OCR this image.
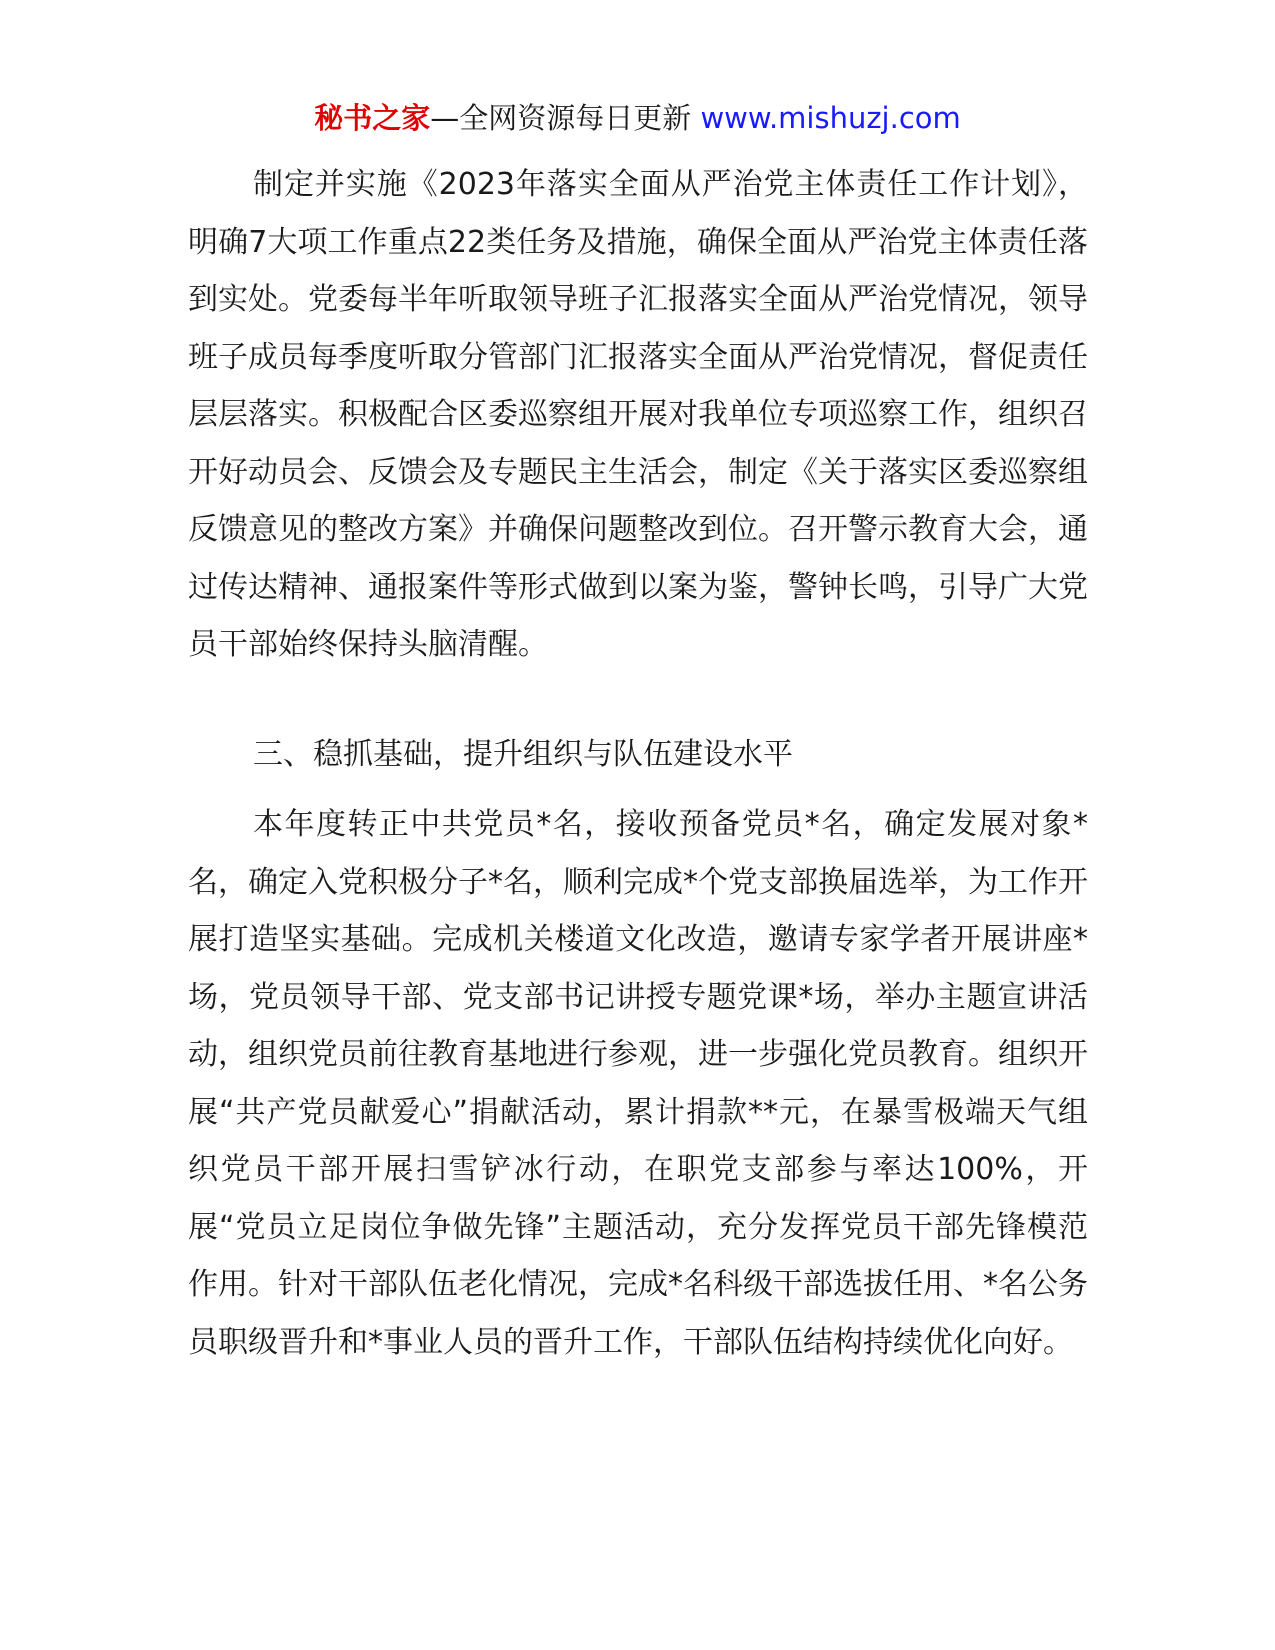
秘书之家—全网资源每日更新 www.mishuzj.com

制定并实施《2023年落实全面从严治党主体责任工作计划》，明确7大项工作重点22类任务及措施，确保全面从严治党主体责任落到实处。党委每半年听取领导班子汇报落实全面从严治党情况，领导班子成员每季度听取分管部门汇报落实全面从严治党情况，督促责任层层落实。积极配合区委巡察组开展对我单位专项巡察工作，组织召开好动员会、反馈会及专题民主生活会，制定《关于落实区委巡察组反馈意见的整改方案》并确保问题整改到位。召开警示教育大会，通过传达精神、通报案件等形式做到以案为鉴，警钟长鸣，引导广大党员干部始终保持头脑清醒。

三、稳抓基础，提升组织与队伍建设水平

本年度转正中共党员*名，接收预备党员*名，确定发展对象*名，确定入党积极分子*名，顺利完成*个党支部换届选举，为工作开展打造坚实基础。完成机关楼道文化改造，邀请专家学者开展讲座*场，党员领导干部、党支部书记讲授专题党课*场，举办主题宣讲活动，组织党员前往教育基地进行参观，进一步强化党员教育。组织开展“共产党员献爱心”捐献活动，累计捐款**元，在暴雪极端天气组织党员干部开展扫雪铲冰行动，在职党支部参与率达100%，开展“党员立足岗位争做先锋”主题活动，充分发挥党员干部先锋模范作用。针对干部队伍老化情况，完成*名科级干部选拔任用、*名公务员职级晋升和*事业人员的晋升工作，干部队伍结构持续优化向好。
